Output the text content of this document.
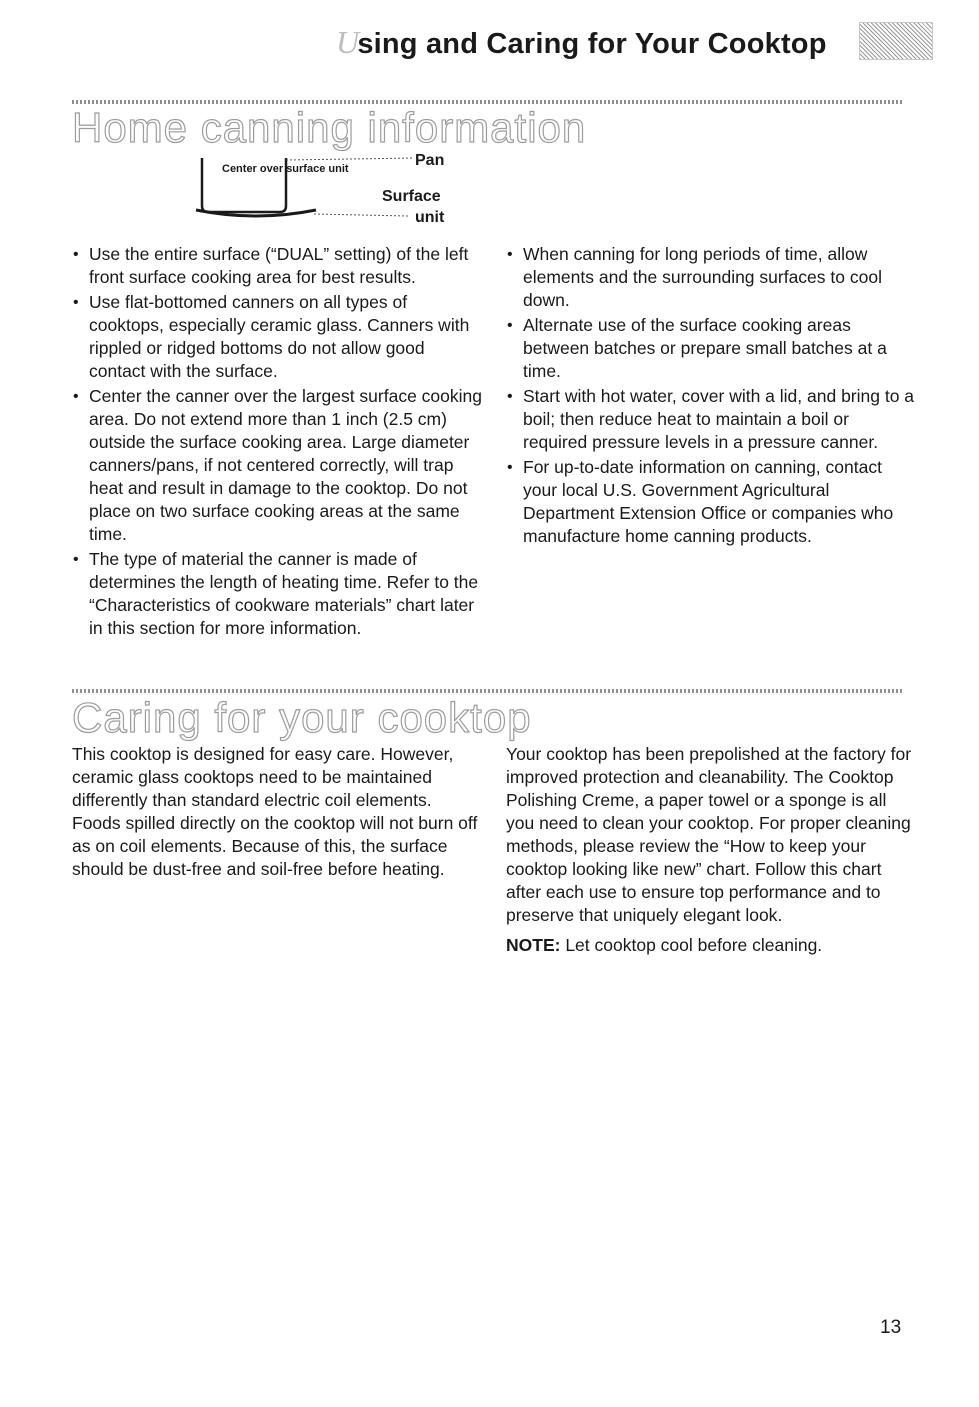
Using and Caring for Your Cooktop
Home canning information
Center over surface unit	Pan
Surface
unit
• Use the entire surface (“DUAL” setting) of the left front surface cooking area for best results.
• Use flat-bottomed canners on all types of cooktops, especially ceramic glass. Canners with rippled or ridged bottoms do not allow good contact with the surface.
• Center the canner over the largest surface cooking area. Do not extend more than 1 inch (2.5 cm) outside the surface cooking area. Large diameter canners/pans, if not centered correctly, will trap heat and result in damage to the cooktop. Do not place on two surface cooking areas at the same time.
• The type of material the canner is made of determines the length of heating time. Refer to the “Characteristics of cookware materials” chart later in this section for more information.
• When canning for long periods of time, allow elements and the surrounding surfaces to cool down.
• Alternate use of the surface cooking areas between batches or prepare small batches at a time.
• Start with hot water, cover with a lid, and bring to a boil; then reduce heat to maintain a boil or required pressure levels in a pressure canner.
• For up-to-date information on canning, contact your local U.S. Government Agricultural Department Extension Office or companies who manufacture home canning products.
Caring for your cooktop

This cooktop is designed for easy care. However, ceramic glass cooktops need to be maintained differently than standard electric coil elements. Foods spilled directly on the cooktop will not burn off as on coil elements. Because of this, the surface should be dust-free and soil-free before heating.

Your cooktop has been prepolished at the factory for improved protection and cleanability. The Cooktop Polishing Creme, a paper towel or a sponge is all you need to clean your cooktop. For proper cleaning methods, please review the “How to keep your cooktop looking like new” chart. Follow this chart after each use to ensure top performance and to preserve that uniquely elegant look.

NOTE: Let cooktop cool before cleaning.

13
